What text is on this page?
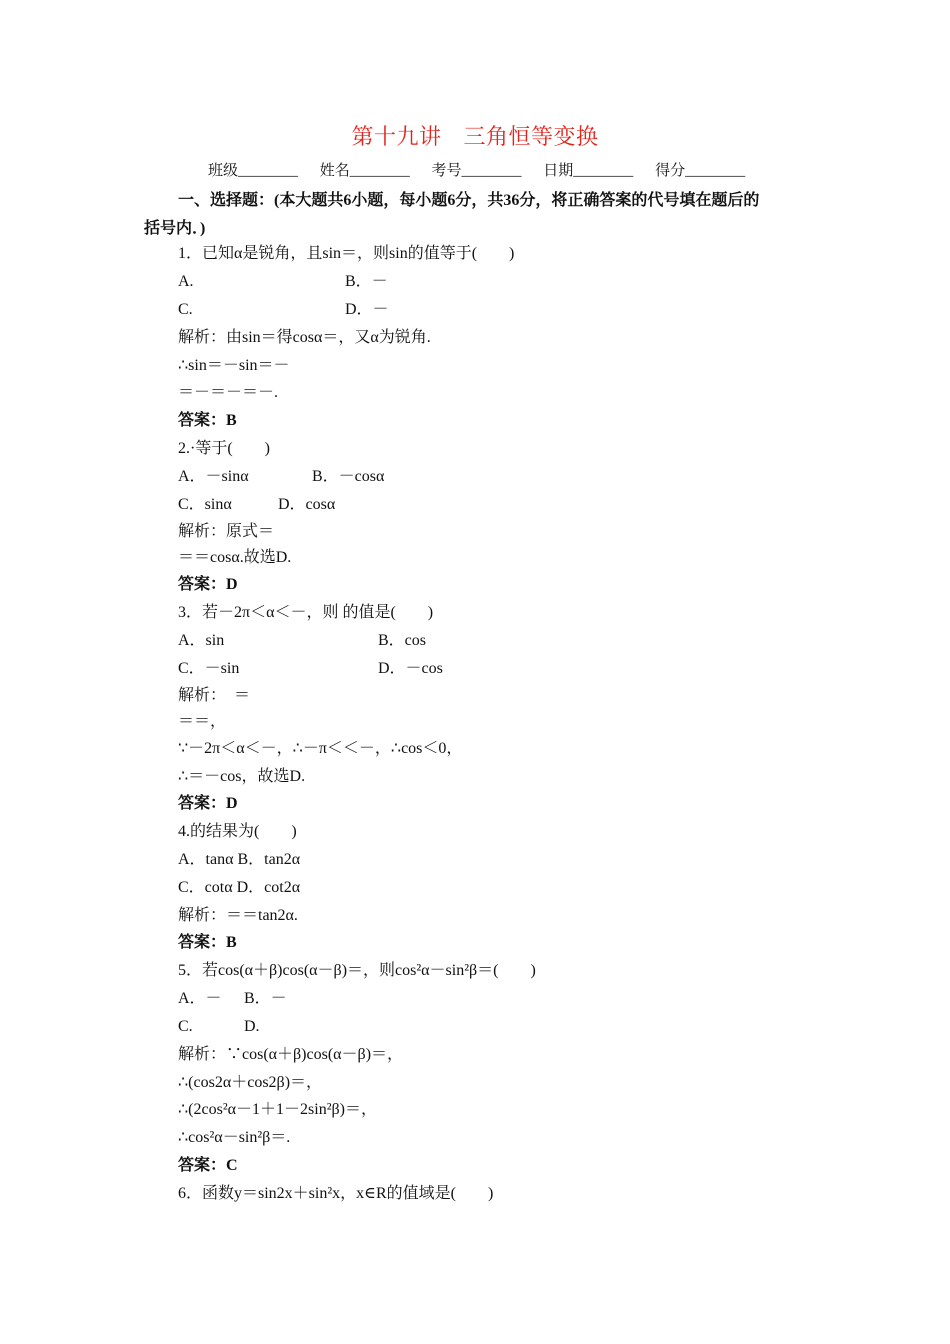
第十九讲 三角恒等变换
班级________ 姓名________ 考号________ 日期________ 得分________
一、选择题：(本大题共6小题，每小题6分，共36分，将正确答案的代号填在题后的
括号内．)
1．已知α是锐角，且sin＝，则sin的值等于(　　)
A.	B．－
C.	D．－
解析：由sin＝得cosα＝，又α为锐角.
∴sin＝－sin＝－
＝－＝－＝－.
答案：B
2.·等于(　　)
A．－sinα	B．－cosα
C．sinα	D．cosα
解析：原式＝
＝＝cosα.故选D.
答案：D
3．若－2π＜α＜－，则 的值是(　　)
A．sin	B．cos
C．－sin	D．－cos
解析：　＝
＝＝，
∵－2π＜α＜－，∴－π＜＜－，∴cos＜0，
∴＝－cos，故选D.
答案：D
4.的结果为(　　)
A．tanα B．tan2α
C．cotα D．cot2α
解析：＝＝tan2α.
答案：B
5．若cos(α＋β)cos(α－β)＝，则cos²α－sin²β＝(　　)
A．－ B．－
C.	D.
解析：∵cos(α＋β)cos(α－β)＝，
∴(cos2α＋cos2β)＝，
∴(2cos²α－1＋1－2sin²β)＝，
∴cos²α－sin²β＝.
答案：C
6．函数y＝sin2x＋sin²x，x∈R的值域是(　　)
